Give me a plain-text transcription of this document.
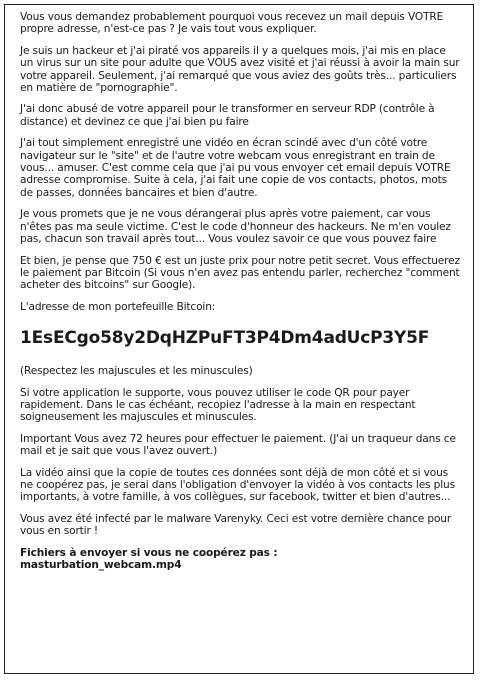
Vous vous demandez probablement pourquoi vous recevez un mail depuis VOTRE propre adresse, n'est-ce pas ? Je vais tout vous expliquer.

Je suis un hackeur et j'ai piraté vos appareils il y a quelques mois, j'ai mis en place un virus sur un site pour adulte que VOUS avez visité et j'ai réussi à avoir la main sur votre appareil. Seulement, j'ai remarqué que vous aviez des goûts très... particuliers en matière de "pornographie".

J'ai donc abusé de votre appareil pour le transformer en serveur RDP (contrôle à distance) et devinez ce que j'ai bien pu faire

J'ai tout simplement enregistré une vidéo en écran scindé avec d'un côté votre navigateur sur le "site" et de l'autre votre webcam vous enregistrant en train de vous... amuser. C'est comme cela que j'ai pu vous envoyer cet email depuis VOTRE adresse compromise. Suite à cela, j'ai fait une copie de vos contacts, photos, mots de passes, données bancaires et bien d'autre.

Je vous promets que je ne vous dérangerai plus après votre paiement, car vous n'êtes pas ma seule victime. C'est le code d'honneur des hackeurs. Ne m'en voulez pas, chacun son travail après tout... Vous voulez savoir ce que vous pouvez faire

Et bien, je pense que 750 € est un juste prix pour notre petit secret. Vous effectuerez le paiement par Bitcoin (Si vous n'en avez pas entendu parler, recherchez "comment acheter des bitcoins" sur Google).

L'adresse de mon portefeuille Bitcoin:

1EsECgo58y2DqHZPuFT3P4Dm4adUcP3Y5F

(Respectez les majuscules et les minuscules)

Si votre application le supporte, vous pouvez utiliser le code QR pour payer rapidement. Dans le cas échéant, recopiez l'adresse à la main en respectant soigneusement les majuscules et minuscules.

Important Vous avez 72 heures pour effectuer le paiement. (J'ai un traqueur dans ce mail et je sait que vous l'avez ouvert.)

La vidéo ainsi que la copie de toutes ces données sont déjà de mon côté et si vous ne coopérez pas, je serai dans l'obligation d'envoyer la vidéo à vos contacts les plus importants, à votre famille, à vos collègues, sur facebook, twitter et bien d'autres...

Vous avez été infecté par le malware Varenyky. Ceci est votre dernière chance pour vous en sortir !

Fichiers à envoyer si vous ne coopérez pas :

masturbation_webcam.mp4
